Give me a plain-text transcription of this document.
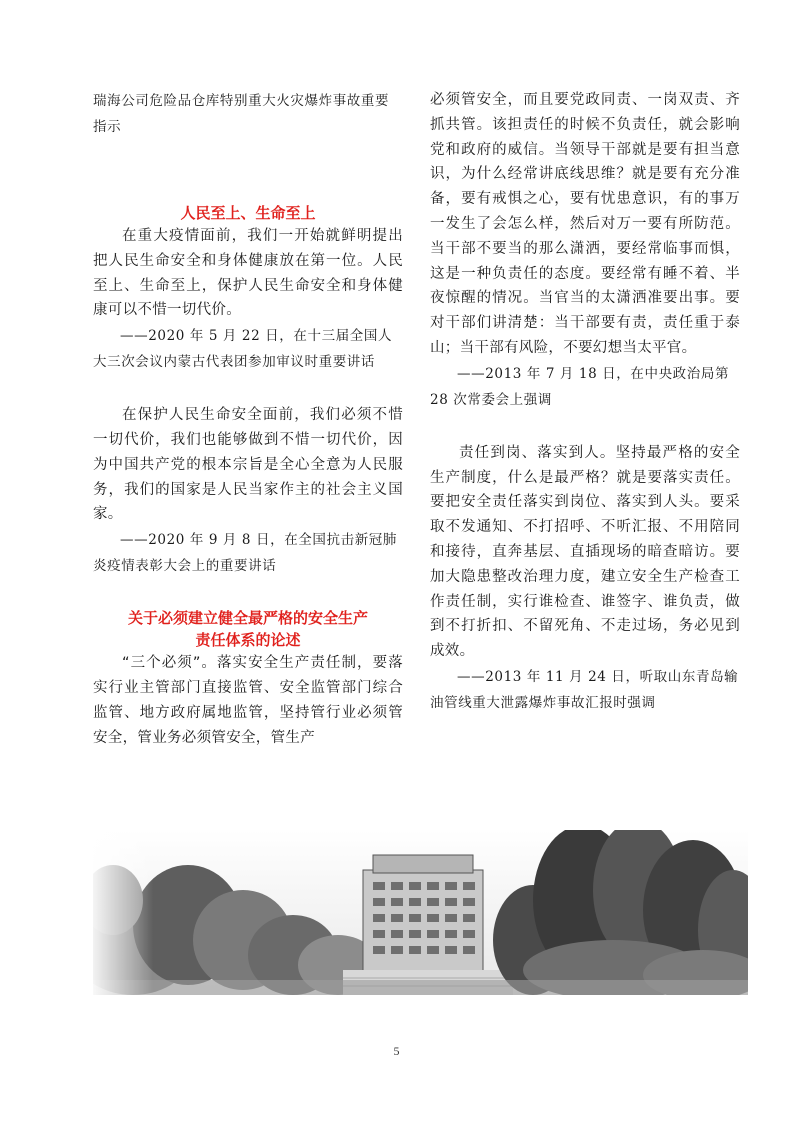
瑞海公司危险品仓库特别重大火灾爆炸事故重要指示

人民至上、生命至上

在重大疫情面前，我们一开始就鲜明提出把人民生命安全和身体健康放在第一位。人民至上、生命至上，保护人民生命安全和身体健康可以不惜一切代价。

——2020 年 5 月 22 日，在十三届全国人大三次会议内蒙古代表团参加审议时重要讲话

在保护人民生命安全面前，我们必须不惜一切代价，我们也能够做到不惜一切代价，因为中国共产党的根本宗旨是全心全意为人民服务，我们的国家是人民当家作主的社会主义国家。

——2020 年 9 月 8 日，在全国抗击新冠肺炎疫情表彰大会上的重要讲话

关于必须建立健全最严格的安全生产

责任体系的论述

“三个必须”。落实安全生产责任制，要落实行业主管部门直接监管、安全监管部门综合监管、地方政府属地监管，坚持管行业必须管安全，管业务必须管安全，管生产

必须管安全，而且要党政同责、一岗双责、齐抓共管。该担责任的时候不负责任，就会影响党和政府的威信。当领导干部就是要有担当意识，为什么经常讲底线思维？就是要有充分准备，要有戒惧之心，要有忧患意识，有的事万一发生了会怎么样，然后对万一要有所防范。当干部不要当的那么潇洒，要经常临事而惧，这是一种负责任的态度。要经常有睡不着、半夜惊醒的情况。当官当的太潇洒准要出事。要对干部们讲清楚：当干部要有责，责任重于泰山；当干部有风险，不要幻想当太平官。

——2013 年 7 月 18 日，在中央政治局第 28 次常委会上强调

责任到岗、落实到人。坚持最严格的安全生产制度，什么是最严格？就是要落实责任。要把安全责任落实到岗位、落实到人头。要采取不发通知、不打招呼、不听汇报、不用陪同和接待，直奔基层、直插现场的暗查暗访。要加大隐患整改治理力度，建立安全生产检查工作责任制，实行谁检查、谁签字、谁负责，做到不打折扣、不留死角、不走过场，务必见到成效。

——2013 年 11 月 24 日，听取山东青岛输油管线重大泄露爆炸事故汇报时强调

5
